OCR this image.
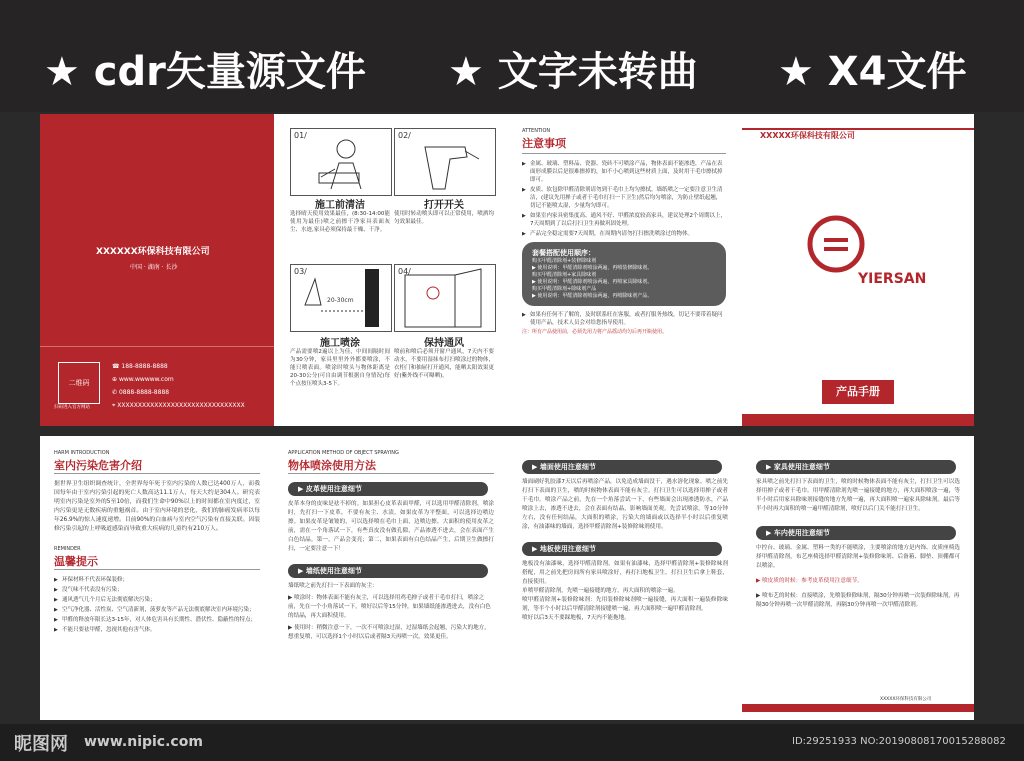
★ cdr矢量源文件 ★ 文字未转曲 ★ X4文件
XXXXXX环保科技有限公司
中国 · 湖南 · 长沙
二维码
扫码进入官方网站
☎ 188-8888-8888
⊕ www.wwwww.com
✆ 0888-8888-8888
⌖ XXXXXXXXXXXXXXXXXXXXXXXXXXXXXXX
01/
施工前清洁
选择晴天使用效果最佳，(8:30-14:00能使用为最佳)喷之前擦干净家具表面灰尘、水迹,家具必须保持最干燥、干净。
02/
打开开关
使用时转动喷头即可以正常使用，喷洒均匀效果最佳。
03/
20-30cm
施工喷涂
产品需要喷2遍以上为佳，中间间隔时间为30分钟，家具里里外外都要喷涂，不能只喷表面。喷涂时喷头与物体距离是20-30公分(可自由调节根据自身情况)每个点按压喷头3-5下。
04/
保持通风
喷前和喷后必须开窗户通风，7天内不要动水，不要用湿抹布打扫喷涂过的物体，衣柜门和抽屉打开通风，能晒太阳效果更好(紫外线不可曝晒)。
ATTENTION
注意事项
▶ 金属、玻璃、塑料品、瓷器、瓷砖不可喷涂产品，物体表面不能渗透，产品在表面形成膜以后是很难擦掉的，如不小心喷到这些材质上面，及时用干毛巾擦拭掉即可。
▶ 皮质、软包除甲醛清除剂请勿到干毛巾上均匀擦拭。墙纸喷之一定要注意卫生清洁，(建议先用掸子或者干毛巾打扫一下卫生)然后均匀喷涂，为防止壁纸起翘，切记不能喷太湿，少量均匀即可。
▶ 如果室内家具密集度高、通风不好、甲醛浓度较高家具，建议处理2个周期以上，7天周期到了以后打扫卫生再做巩固处理。
▶ 产品完全稳定需要7天周期，在周期内请勿打扫擦洗喷涂过的物体。
套餐搭配使用顺序：
购买甲醛清除剂+装修除味剂
▶ 使用说明：甲醛清除剂喷涂两遍，再喷装修除味剂。
购买甲醛清除剂+家具除味剂
▶ 使用说明：甲醛清除剂喷涂两遍，再喷家具除味剂。
购买甲醛清除剂+除味剂产品
▶ 使用说明：甲醛清除剂喷涂两遍，再喷除味剂产品。
▶ 如果有任何不了解的，及时联系旺在客服，或者打服务热线，切记不要带着疑问使用产品，技术人员会对给您指导使用。
注：所有产品使用前，必须先用力将产品摇动均匀后再开瓶使用。
XXXXX环保科技有限公司
YIERSAN
产品手册
HARM INTRODUCTION
室内污染危害介绍
据世界卫生组织调查统计，全世界每年死于室内污染的人数已达400万人，而我国每年由于室内污染引起的死亡人数高达11.1万人，每天大约是304人。研究表明室内污染是室外的5至10倍，而我们生命中90%以上的时间都在室内度过，室内污染更是无数疾病的重魁祸首。由于室内环境的恶化，我们的肺癌发病率以每年26.9%的惊人速度递增。目前90%的白血病与室内空气污染有直接关联。因装修污染引起的上呼吸道感染而导致重大疾病的儿童约有210万人。
REMINDER
温馨提示
▶ 环保材料不代表环保装修；
▶ 没气味不代表没有污染；
▶ 通风透气几个月后无法彻底解决污染；
▶ 空气净化器、活性炭、空气清新剂，菠萝皮等产品无法彻底解决室内环境污染；
▶ 甲醛的释放年限长达3-15年，对人体危害具有长期性、潜伏性、隐蔽性的特点；
▶ 不能只要祛甲醛，忽视其他有害气体。
APPLICATION METHOD OF OBJECT SPRAYING
物体喷涂使用方法
▶ 皮革使用注意细节
皮革本身的皮味是祛不掉的。如果担心皮革表面甲醛，可以选用甲醛清除剂，喷涂时，先打扫一下皮革，不要有灰尘、水渍。如果皮革为平整面，可以选择边喷边擦。如果皮革是皱皱的，可以选择喷在毛巾上面，边喷边擦。大面积的使用皮革之前，需在一个角落试一下，有些真皮没有做孔隙，产品渗透不进去，会在表面产生白色结晶。第一，产品会变亮；第二，如果表面有白色结晶产生，后期卫生做擦打扫，一定要注意一下！
▶ 墙纸使用注意细节
墙纸喷之前先打扫一下表面的灰尘：
▶ 喷涂时：物体表面不能有灰尘，可以选择用鸡毛掸子或者干毛巾打扫，喷涂之前，先在一个小角落试一下，喷好以后等15分钟，如果墙纸能渗透进去，没有白色的结晶，再大面积使用。
▶ 使用时：稍微注意一下，一次不可喷涂过湿，过湿墙纸会起翘，污染大的地方，想重复喷，可以选择1个小时以后或者隔3天再喷一次，效果更佳。
▶ 墙面使用注意细节
墙面刷好乳胶漆7天以后再喷涂产品，以免造成墙面没干，遇水溶化现象。喷之前先打扫下表面的卫生，喷的时候物体表面不能有灰尘。打扫卫生可以选择用掸子或者干毛巾。喷涂产品之前，先在一个角落尝试一下，有些墙面会出现渗透防水，产品喷涂上去，渗透不进去，会在表面有结晶，影响墙面美观。先尝试喷涂，等10分钟左右，没有任何结晶，大面积的喷涂，污染大的墙面或以选择半小时以后重复喷涂，有油漆味的墙面，选择甲醛清除剂+装修除味剂使用。
▶ 地板使用注意细节
地板没有油漆味，选择甲醛清除剂。如果有油漆味，选择甲醛清除剂+装修除味剂搭配，用之前先把房间所有家具喷涂好，再打扫地板卫生，打扫卫生后拿上鞋套，直接使用。
单喷甲醛清除剂，先喷一遍接缝的地方，再大面积的喷涂一遍。
喷甲醛清除剂+装修除味剂：先用装修除味剂喷一遍接缝，再大面积一遍装修除味剂，等半个小时以后甲醛清除剂接缝喷一遍，再大面积喷一遍甲醛清除剂。
喷好以后3天不要踩地板，7天内不能拖地。
▶ 家具使用注意细节
家具喷之前先打扫下表面的卫生，喷的时候物体表面不能有灰尘，打扫卫生可以选择用掸子或者干毛巾。用甲醛清除剂先喷一遍接缝的地方，再大面积喷涂一遍，等半小时后用家具除味剂接缝的地方先喷一遍，再大面积喷一遍家具除味剂。最后等半小时再大面积的喷一遍甲醛清除剂，喷好以后门关不能打扫卫生。
▶ 车内使用注意细节
中控台、玻璃、金属、塑料一类的不能喷涂，主要喷涂的地方是内饰、皮质座椅选择甲醛清除剂，布艺座椅选择甲醛清除剂+装修除味剂、后备箱、脚垫、顶棚都可以喷涂。
▶ 喷皮质的时候：参考皮革使用注意细节。
▶ 喷布艺的时候：直接喷涂，先喷装修除味剂，隔30分钟再喷一次装修除味剂，再隔30分钟再喷一次甲醛清除剂，再隔30分钟再喷一次甲醛清除剂。
XXXXX环保科技有限公司
昵图网 www.nipic.com	ID:29251933 NO:20190808170015288082
